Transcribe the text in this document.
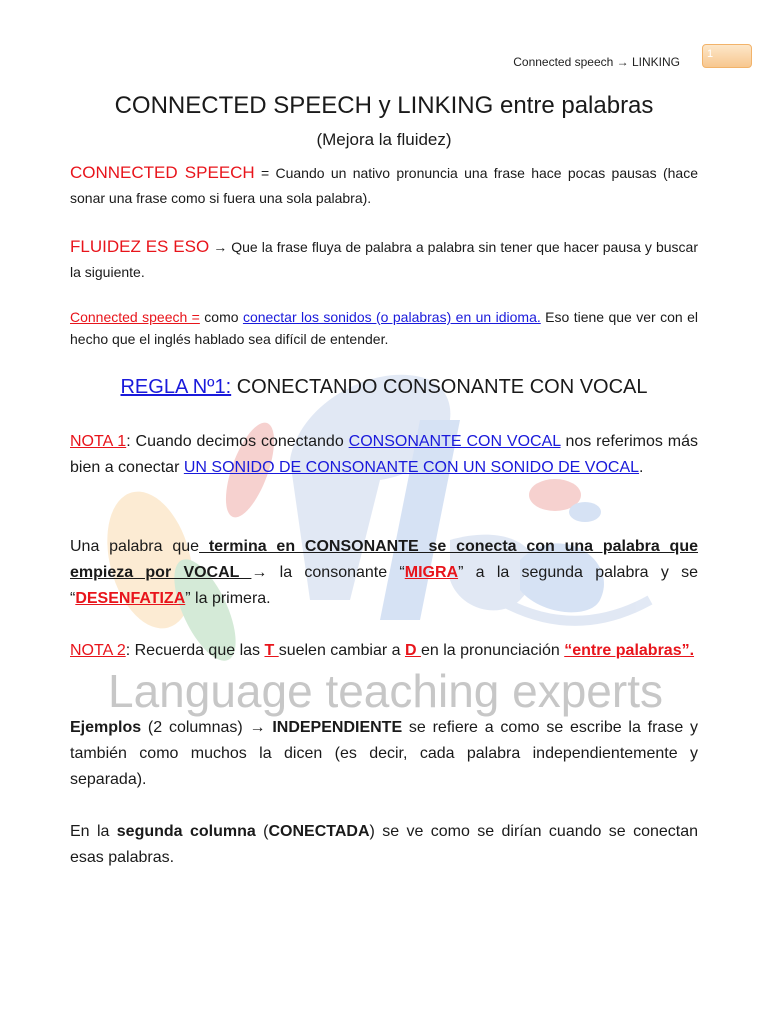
Language teaching experts
Connected speech → LINKING
1
CONNECTED SPEECH y LINKING entre palabras
(Mejora la fluidez)
CONNECTED SPEECH = Cuando un nativo pronuncia una frase hace pocas pausas (hace sonar una frase como si fuera una sola palabra).
FLUIDEZ ES ESO → Que la frase fluya de palabra a palabra sin tener que hacer pausa y buscar la siguiente.
Connected speech = como conectar los sonidos (o palabras) en un idioma. Eso tiene que ver con el hecho que el inglés hablado sea difícil de entender.
REGLA Nº1: CONECTANDO CONSONANTE CON VOCAL
NOTA 1: Cuando decimos conectando CONSONANTE CON VOCAL nos referimos más bien a conectar UN SONIDO DE CONSONANTE CON UN SONIDO DE VOCAL.
Una palabra que termina en CONSONANTE se conecta con una palabra que empieza por VOCAL → la consonante “MIGRA” a la segunda palabra y se “DESENFATIZA” la primera.
NOTA 2: Recuerda que las T suelen cambiar a D en la pronunciación “entre palabras”.
Ejemplos (2 columnas) → INDEPENDIENTE se refiere a como se escribe la frase y también como muchos la dicen (es decir, cada palabra independientemente y separada).
En la segunda columna (CONECTADA) se ve como se dirían cuando se conectan esas palabras.
